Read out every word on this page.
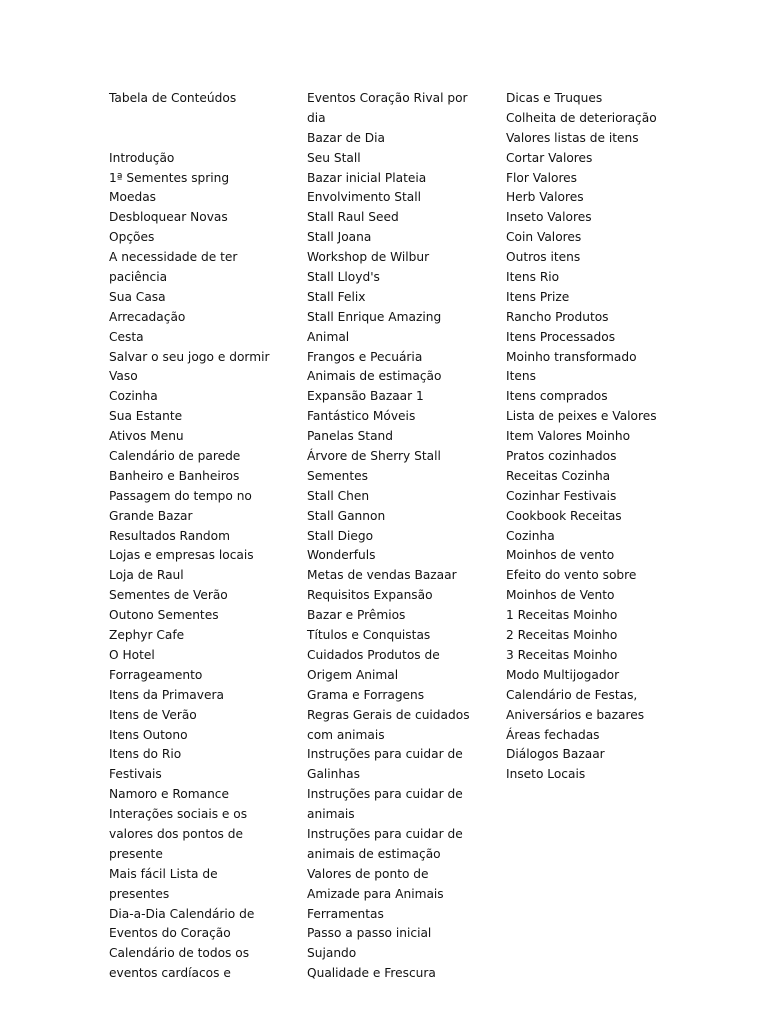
Tabela de Conteúdos
Introdução
1ª Sementes spring
Moedas
Desbloquear Novas
Opções
A necessidade de ter
paciência
Sua Casa
Arrecadação
Cesta
Salvar o seu jogo e dormir
Vaso
Cozinha
Sua Estante
Ativos Menu
Calendário de parede
Banheiro e Banheiros
Passagem do tempo no
Grande Bazar
Resultados Random
Lojas e empresas locais
Loja de Raul
Sementes de Verão
Outono Sementes
Zephyr Cafe
O Hotel
Forrageamento
Itens da Primavera
Itens de Verão
Itens Outono
Itens do Rio
Festivais
Namoro e Romance
Interações sociais e os
valores dos pontos de
presente
Mais fácil Lista de
presentes
Dia-a-Dia Calendário de
Eventos do Coração
Calendário de todos os
eventos cardíacos e
Eventos Coração Rival por
dia
Bazar de Dia
Seu Stall
Bazar inicial Plateia
Envolvimento Stall
Stall Raul Seed
Stall Joana
Workshop de Wilbur
Stall Lloyd's
Stall Felix
Stall Enrique Amazing
Animal
Frangos e Pecuária
Animais de estimação
Expansão Bazaar 1
Fantástico Móveis
Panelas Stand
Árvore de Sherry Stall
Sementes
Stall Chen
Stall Gannon
Stall Diego
Wonderfuls
Metas de vendas Bazaar
Requisitos Expansão
Bazar e Prêmios
Títulos e Conquistas
Cuidados Produtos de
Origem Animal
Grama e Forragens
Regras Gerais de cuidados
com animais
Instruções para cuidar de
Galinhas
Instruções para cuidar de
animais
Instruções para cuidar de
animais de estimação
Valores de ponto de
Amizade para Animais
Ferramentas
Passo a passo inicial
Sujando
Qualidade e Frescura
Dicas e Truques
Colheita de deterioração
Valores listas de itens
Cortar Valores
Flor Valores
Herb Valores
Inseto Valores
Coin Valores
Outros itens
Itens Rio
Itens Prize
Rancho Produtos
Itens Processados
Moinho transformado
Itens
Itens comprados
Lista de peixes e Valores
Item Valores Moinho
Pratos cozinhados
Receitas Cozinha
Cozinhar Festivais
Cookbook Receitas
Cozinha
Moinhos de vento
Efeito do vento sobre
Moinhos de Vento
1 Receitas Moinho
2 Receitas Moinho
3 Receitas Moinho
Modo Multijogador
Calendário de Festas,
Aniversários e bazares
Áreas fechadas
Diálogos Bazaar
Inseto Locais
